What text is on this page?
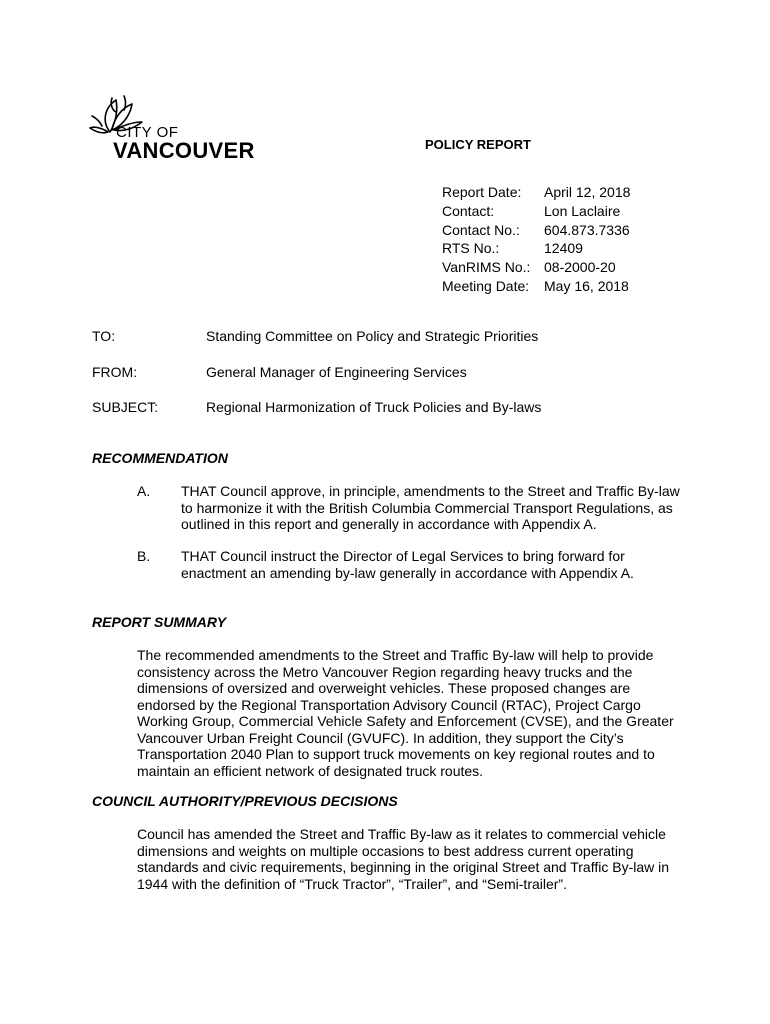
CITY OF
VANCOUVER	POLICY REPORT
Report Date:	April 12, 2018
Contact:	Lon Laclaire
Contact No.:	604.873.7336
RTS No.:	12409
VanRIMS No.: 08-2000-20
Meeting Date:	May 16, 2018
TO:	Standing Committee on Policy and Strategic Priorities
FROM:	General Manager of Engineering Services
SUBJECT:	Regional Harmonization of Truck Policies and By-laws
RECOMMENDATION
A. THAT Council approve, in principle, amendments to the Street and Traffic By-law
to harmonize it with the British Columbia Commercial Transport Regulations, as
outlined in this report and generally in accordance with Appendix A.
B. THAT Council instruct the Director of Legal Services to bring forward for
enactment an amending by-law generally in accordance with Appendix A.
REPORT SUMMARY
The recommended amendments to the Street and Traffic By-law will help to provide
consistency across the Metro Vancouver Region regarding heavy trucks and the
dimensions of oversized and overweight vehicles. These proposed changes are
endorsed by the Regional Transportation Advisory Council (RTAC), Project Cargo
Working Group, Commercial Vehicle Safety and Enforcement (CVSE), and the Greater
Vancouver Urban Freight Council (GVUFC). In addition, they support the City’s
Transportation 2040 Plan to support truck movements on key regional routes and to
maintain an efficient network of designated truck routes.
COUNCIL AUTHORITY/PREVIOUS DECISIONS
Council has amended the Street and Traffic By-law as it relates to commercial vehicle
dimensions and weights on multiple occasions to best address current operating
standards and civic requirements, beginning in the original Street and Traffic By-law in
1944 with the definition of “Truck Tractor”, “Trailer”, and “Semi-trailer”.
